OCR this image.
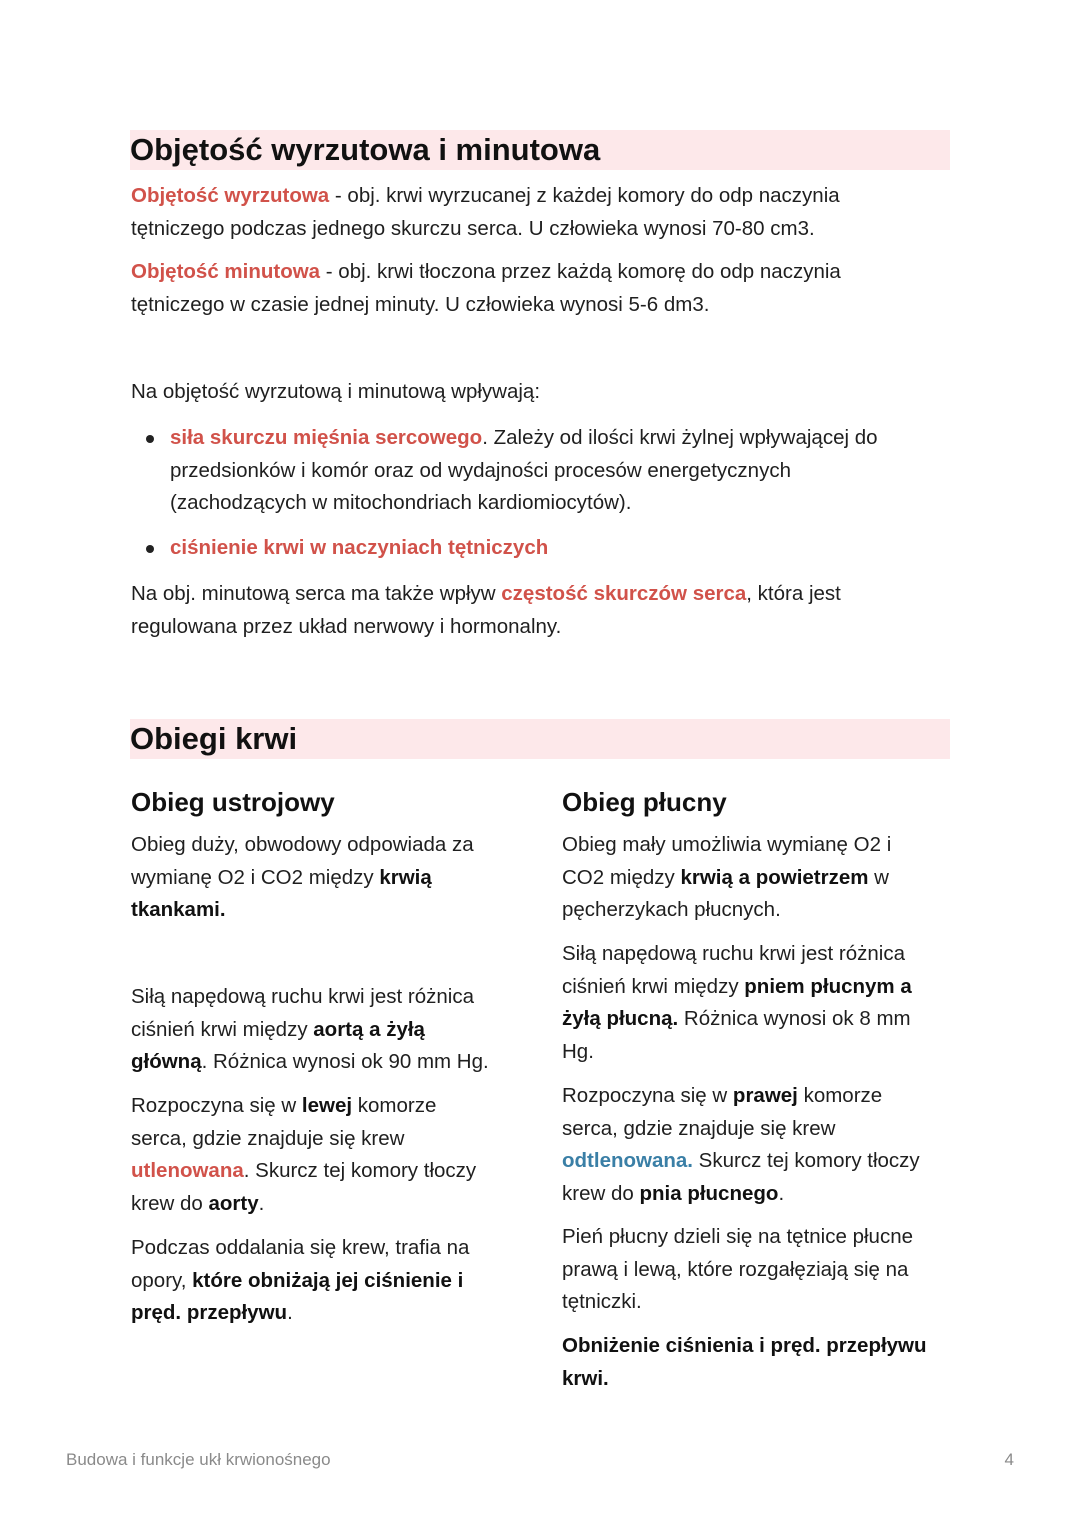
Objętość wyrzutowa i minutowa
Objętość wyrzutowa - obj. krwi wyrzucanej z każdej komory do odp naczynia
tętniczego podczas jednego skurczu serca. U człowieka wynosi 70-80 cm3.
Objętość minutowa - obj. krwi tłoczona przez każdą komorę do odp naczynia
tętniczego w czasie jednej minuty. U człowieka wynosi 5-6 dm3.
Na objętość wyrzutową i minutową wpływają:
siła skurczu mięśnia sercowego. Zależy od ilości krwi żylnej wpływającej do
przedsionków i komór oraz od wydajności procesów energetycznych
(zachodzących w mitochondriach kardiomiocytów).
ciśnienie krwi w naczyniach tętniczych
Na obj. minutową serca ma także wpływ częstość skurczów serca, która jest
regulowana przez układ nerwowy i hormonalny.
Obiegi krwi
Obieg ustrojowy
Obieg duży, obwodowy odpowiada za
wymianę O2 i CO2 między krwią
tkankami.
Siłą napędową ruchu krwi jest różnica
ciśnień krwi między aortą a żyłą
główną. Różnica wynosi ok 90 mm Hg.
Rozpoczyna się w lewej komorze
serca, gdzie znajduje się krew
utlenowana. Skurcz tej komory tłoczy
krew do aorty.
Podczas oddalania się krew, trafia na
opory, które obniżają jej ciśnienie i
pręd. przepływu.
Obieg płucny
Obieg mały umożliwia wymianę O2 i
CO2 między krwią a powietrzem w
pęcherzykach płucnych.
Siłą napędową ruchu krwi jest różnica
ciśnień krwi między pniem płucnym a
żyłą płucną. Różnica wynosi ok 8 mm
Hg.
Rozpoczyna się w prawej komorze
serca, gdzie znajduje się krew
odtlenowana. Skurcz tej komory tłoczy
krew do pnia płucnego.
Pień płucny dzieli się na tętnice płucne
prawą i lewą, które rozgałęziają się na
tętniczki.
Obniżenie ciśnienia i pręd. przepływu
krwi.
Budowa i funkcje ukł krwionośnego	4
